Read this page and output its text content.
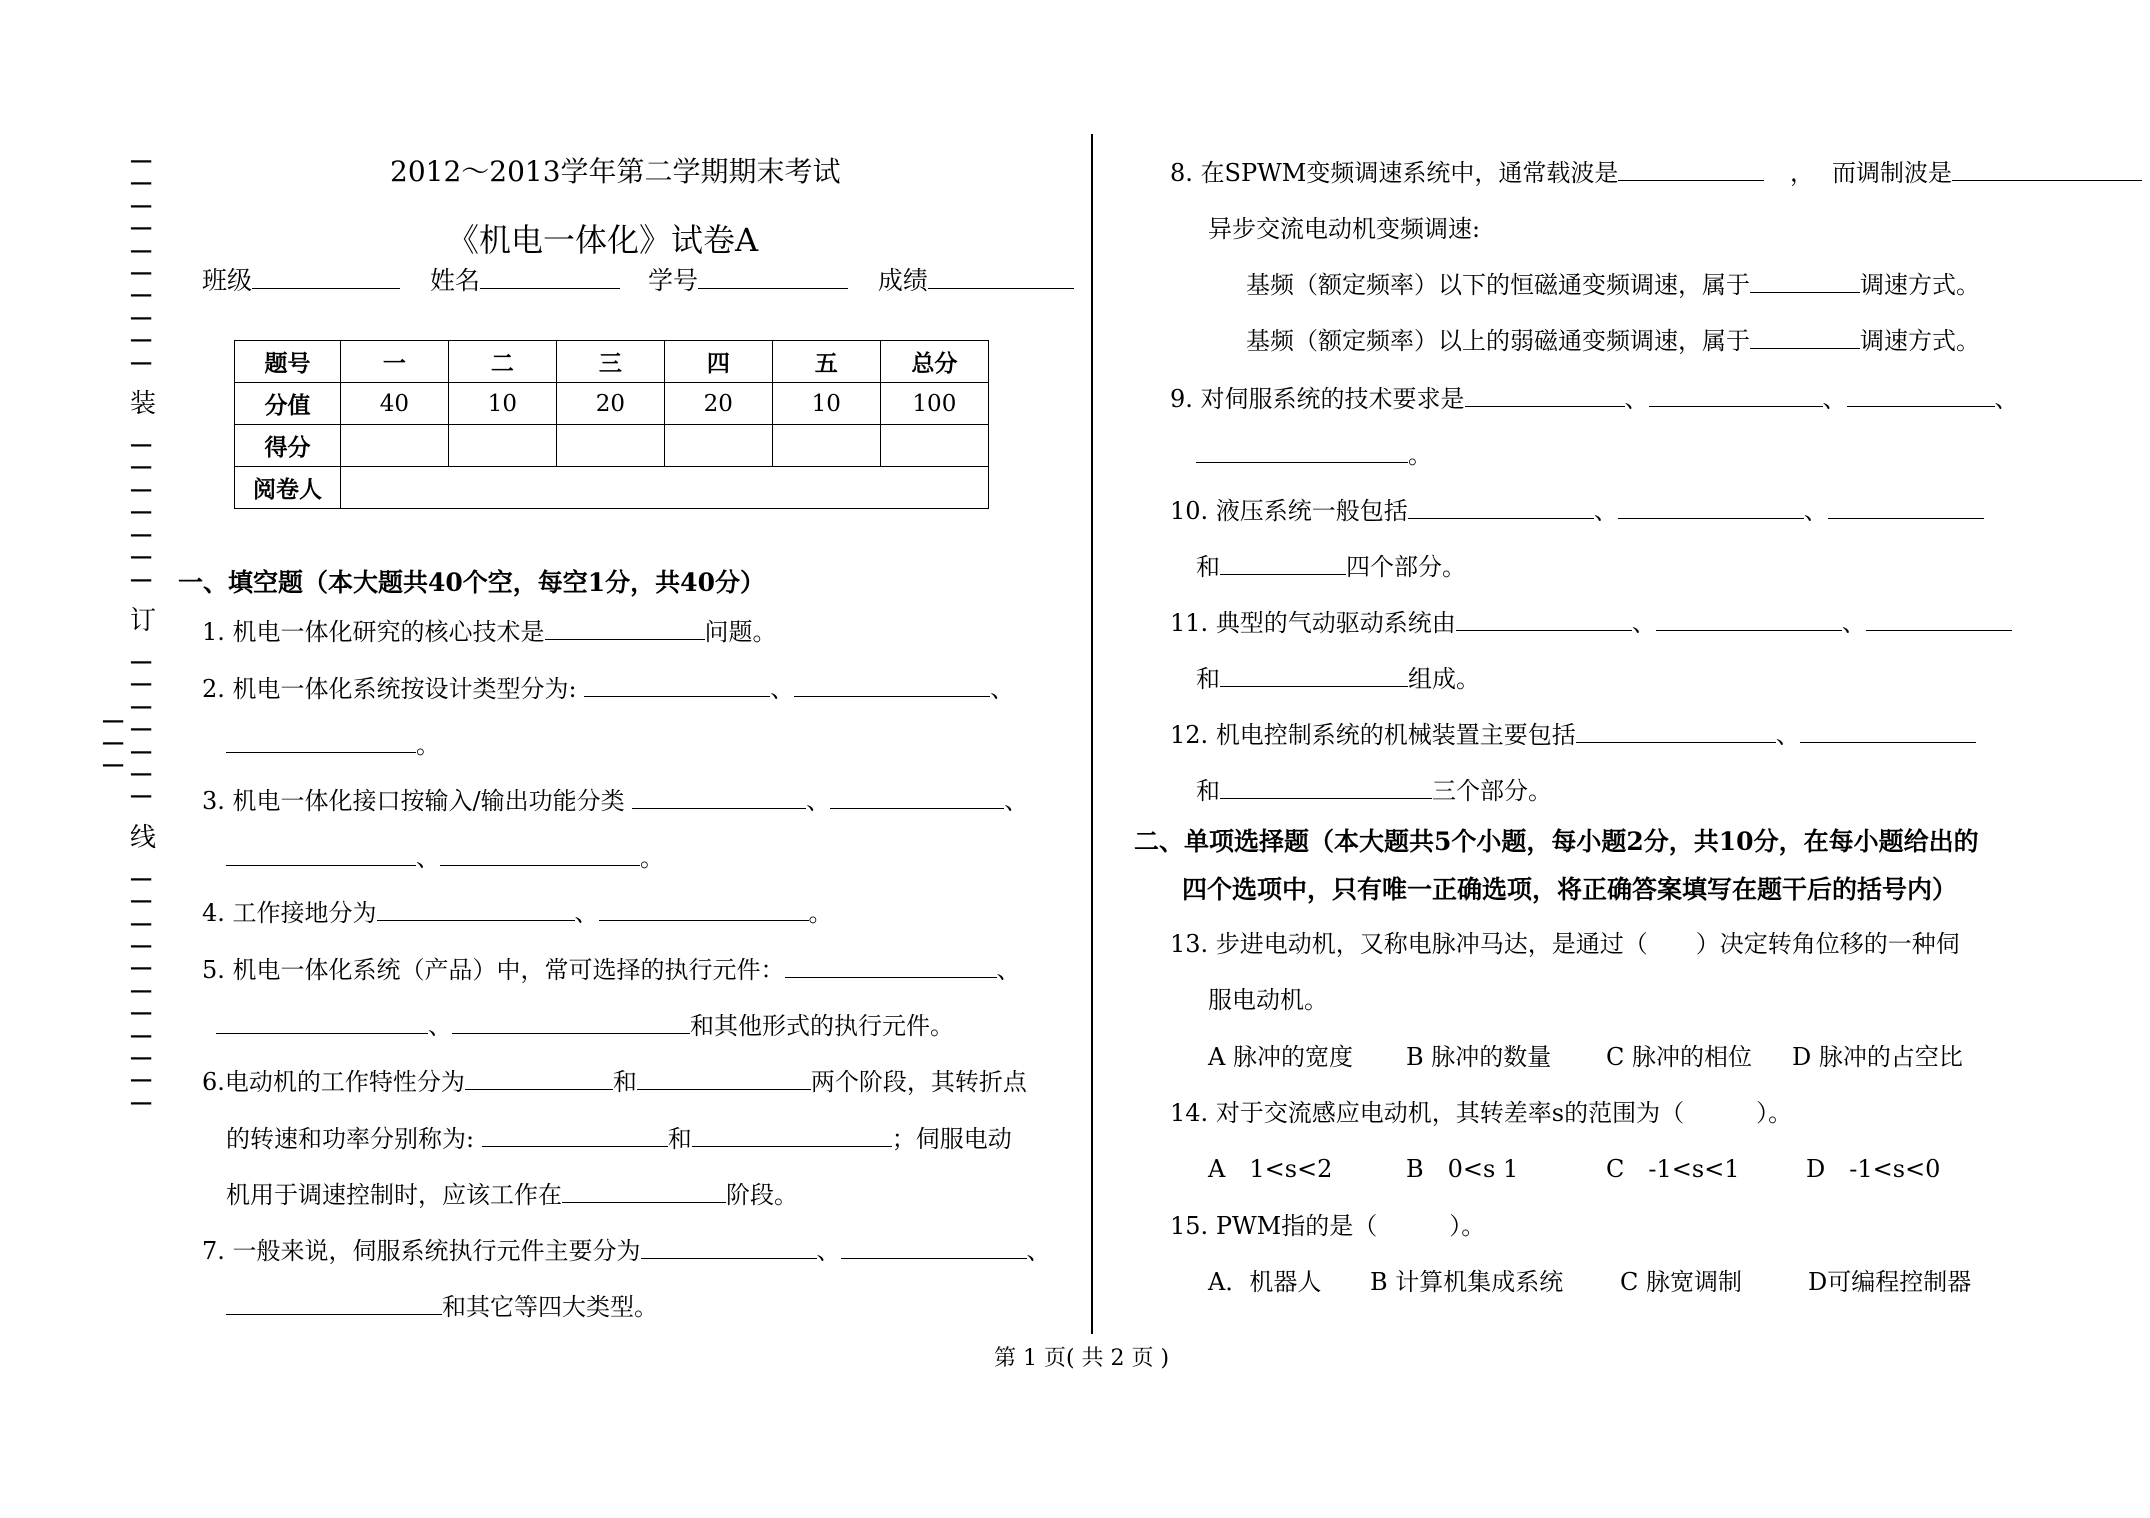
----
----
----
----
----
----
----
----
----
----
装
----
----
----
----
----
----
----
订
----
----
----
----
----
----
----
线
----
----
----
----
----
----
----
----
----
----
----
----
----
----
2012～2013学年第二学期期末考试
《机电一体化》试卷A
班级	姓名	学号	成绩
题号	一	二	三	四	五	总分
分值	40	10	20	20	10	100
得分						
阅卷人						
一、填空题（本大题共40个空，每空1分，共40分）
1. 机电一体化研究的核心技术是	问题。
2. 机电一体化系统按设计类型分为:	、	、
。
3. 机电一体化接口按输入/输出功能分类	、	、
、	。
4. 工作接地分为	、	。
5. 机电一体化系统（产品）中，常可选择的执行元件：	、
、	和其他形式的执行元件。
6.电动机的工作特性分为	和	两个阶段，其转折点
的转速和功率分别称为:	和	；伺服电动
机用于调速控制时，应该工作在	阶段。
7. 一般来说，伺服系统执行元件主要分为	、	、
和其它等四大类型。
8. 在SPWM变频调速系统中，通常载波是	， 而调制波是
异步交流电动机变频调速:
基频（额定频率）以下的恒磁通变频调速，属于	调速方式。
基频（额定频率）以上的弱磁通变频调速，属于	调速方式。
9. 对伺服系统的技术要求是	、	、	、
。
10. 液压系统一般包括	、	、
和	四个部分。
11. 典型的气动驱动系统由	、	、
和	组成。
12. 机电控制系统的机械装置主要包括	、
和	三个部分。
二、单项选择题（本大题共5个小题，每小题2分，共10分，在每小题给出的
四个选项中，只有唯一正确选项，将正确答案填写在题干后的括号内）
13. 步进电动机，又称电脉冲马达，是通过（　　）决定转角位移的一种伺
服电动机。
A 脉冲的宽度 B 脉冲的数量 C 脉冲的相位 D 脉冲的占空比
14. 对于交流感应电动机，其转差率s的范围为（　　　）。
A　1<s<2	B　0<s 1	C　-1<s<1	D　-1<s<0
15. PWM指的是（　　　）。
A．机器人 B 计算机集成系统 C 脉宽调制	D可编程控制器
第 1 页( 共 2 页 )
